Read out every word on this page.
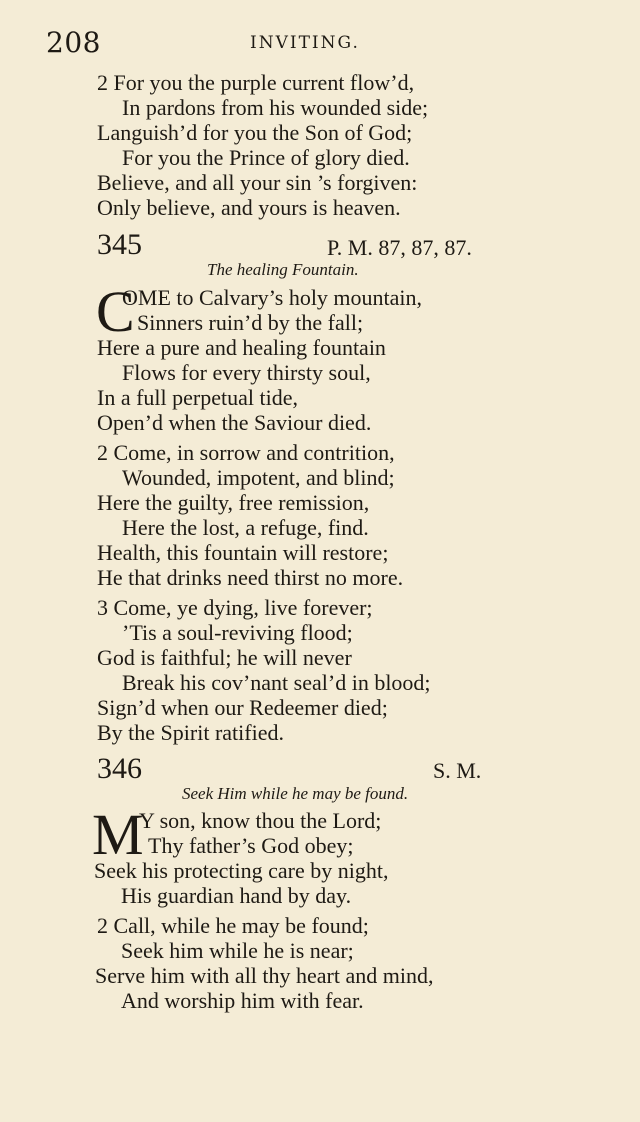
208	INVITING.
2 For you the purple current flow’d,
In pardons from his wounded side;
Languish’d for you the Son of God;
For you the Prince of glory died.
Believe, and all your sin ’s forgiven:
Only believe, and yours is heaven.
345	P. M. 87, 87, 87.
The healing Fountain.
C
OME to Calvary’s holy mountain,
Sinners ruin’d by the fall;
Here a pure and healing fountain
Flows for every thirsty soul,
In a full perpetual tide,
Open’d when the Saviour died.
2 Come, in sorrow and contrition,
Wounded, impotent, and blind;
Here the guilty, free remission,
Here the lost, a refuge, find.
Health, this fountain will restore;
He that drinks need thirst no more.
3 Come, ye dying, live forever;
’Tis a soul-reviving flood;
God is faithful; he will never
Break his cov’nant seal’d in blood;
Sign’d when our Redeemer died;
By the Spirit ratified.
346	S. M.
Seek Him while he may be found.
M
Y son, know thou the Lord;
Thy father’s God obey;
Seek his protecting care by night,
His guardian hand by day.
2 Call, while he may be found;
Seek him while he is near;
Serve him with all thy heart and mind,
And worship him with fear.
